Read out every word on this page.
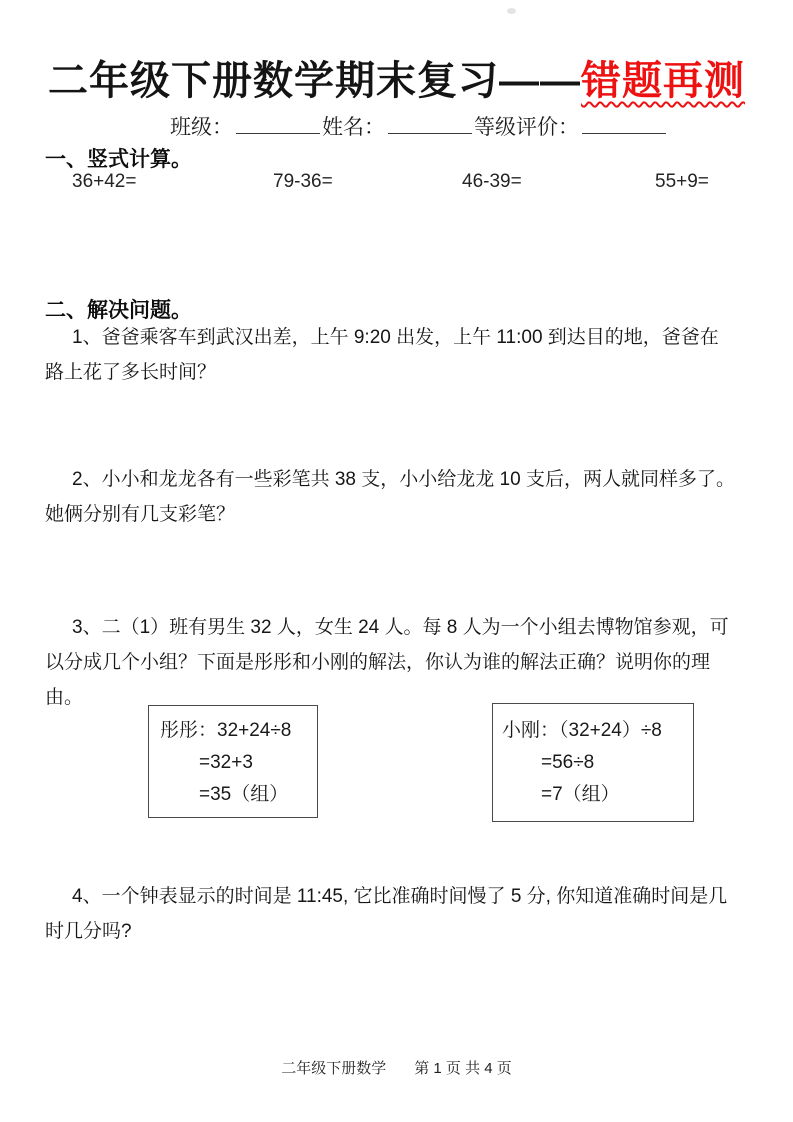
二年级下册数学期末复习——错题再测
班级：	姓名：	等级评价：
一、竖式计算。
36+42=	79-36=	46-39=	55+9=
二、解决问题。
1、爸爸乘客车到武汉出差，上午 9:20 出发，上午 11:00 到达目的地，爸爸在
路上花了多长时间？
2、小小和龙龙各有一些彩笔共 38 支，小小给龙龙 10 支后，两人就同样多了。
她俩分别有几支彩笔？
3、二（1）班有男生 32 人，女生 24 人。每 8 人为一个小组去博物馆参观，可
以分成几个小组？下面是彤彤和小刚的解法，你认为谁的解法正确？说明你的理
由。
彤彤：32+24÷8
=32+3
=35（组）
小刚：（32+24）÷8
=56÷8
=7（组）
4、一个钟表显示的时间是 11:45, 它比准确时间慢了 5 分, 你知道准确时间是几
时几分吗?
二年级下册数学 第 1 页 共 4 页
